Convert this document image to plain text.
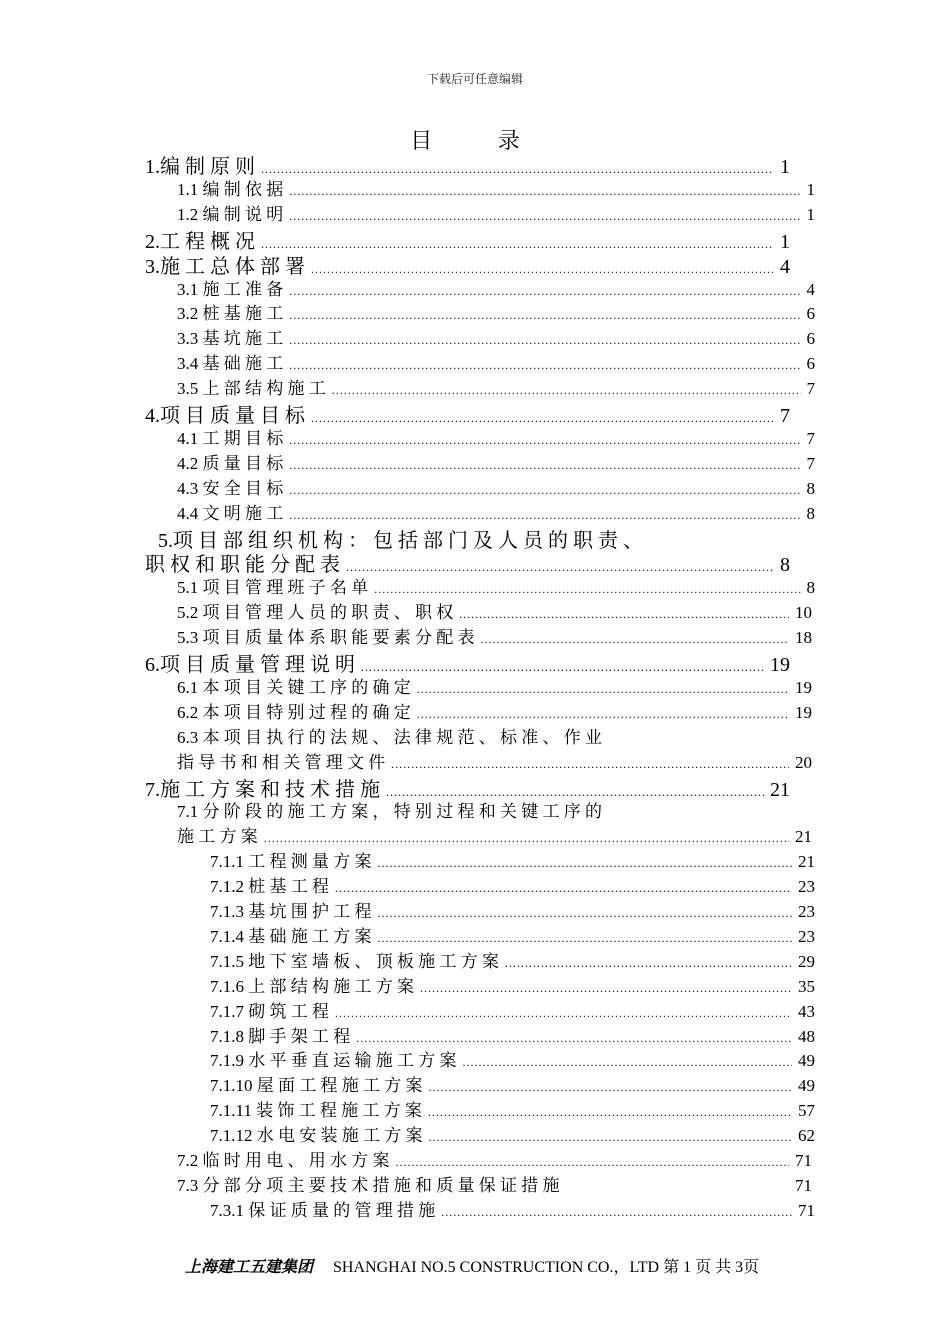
下载后可任意编辑
目 录
1.编 制 原 则 .....	1
1.1 编 制 依 据 .....	1
1.2 编 制 说 明 .....	1
2.工 程 概 况 .....	1
3.施 工 总 体 部 署 .....	4
3.1 施 工 准 备 .....	4
3.2 桩 基 施 工 .....	6
3.3 基 坑 施 工 .....	6
3.4 基 础 施 工 .....	6
3.5 上 部 结 构 施 工 .....	7
4.项 目 质 量 目 标 .....	7
4.1 工 期 目 标 .....	7
4.2 质 量 目 标 .....	7
4.3 安 全 目 标 .....	8
4.4 文 明 施 工 .....	8
5.项 目 部 组 织 机 构 ： 包 括 部 门 及 人 员 的 职 责 、
职 权 和 职 能 分 配 表 .....	8
5.1 项 目 管 理 班 子 名 单 .....	8
5.2 项 目 管 理 人 员 的 职 责 、 职 权 .....	10
5.3 项 目 质 量 体 系 职 能 要 素 分 配 表 .....	18
6.项 目 质 量 管 理 说 明 .....	19
6.1 本 项 目 关 键 工 序 的 确 定 .....	19
6.2 本 项 目 特 别 过 程 的 确 定 .....	19
6.3 本 项 目 执 行 的 法 规 、 法 律 规 范 、 标 准 、 作 业
指 导 书 和 相 关 管 理 文 件 .....	20
7.施 工 方 案 和 技 术 措 施 .....	21
7.1 分 阶 段 的 施 工 方 案 ， 特 别 过 程 和 关 键 工 序 的
施 工 方 案 .....	21
7.1.1 工 程 测 量 方 案 .....	21
7.1.2 桩 基 工 程 .....	23
7.1.3 基 坑 围 护 工 程 .....	23
7.1.4 基 础 施 工 方 案 .....	23
7.1.5 地 下 室 墙 板 、 顶 板 施 工 方 案 .....	29
7.1.6 上 部 结 构 施 工 方 案 .....	35
7.1.7 砌 筑 工 程 .....	43
7.1.8 脚 手 架 工 程 .....	48
7.1.9 水 平 垂 直 运 输 施 工 方 案 .....	49
7.1.10 屋 面 工 程 施 工 方 案 .....	49
7.1.11 装 饰 工 程 施 工 方 案 .....	57
7.1.12 水 电 安 装 施 工 方 案 .....	62
7.2 临 时 用 电 、 用 水 方 案 .....	71
7.3 分 部 分 项 主 要 技 术 措 施 和 质 量 保 证 措 施	71
7.3.1 保 证 质 量 的 管 理 措 施 .....	71
上海建工五建集团 SHANGHAI NO.5 CONSTRUCTION CO.，LTD 第 1 页 共 3页
